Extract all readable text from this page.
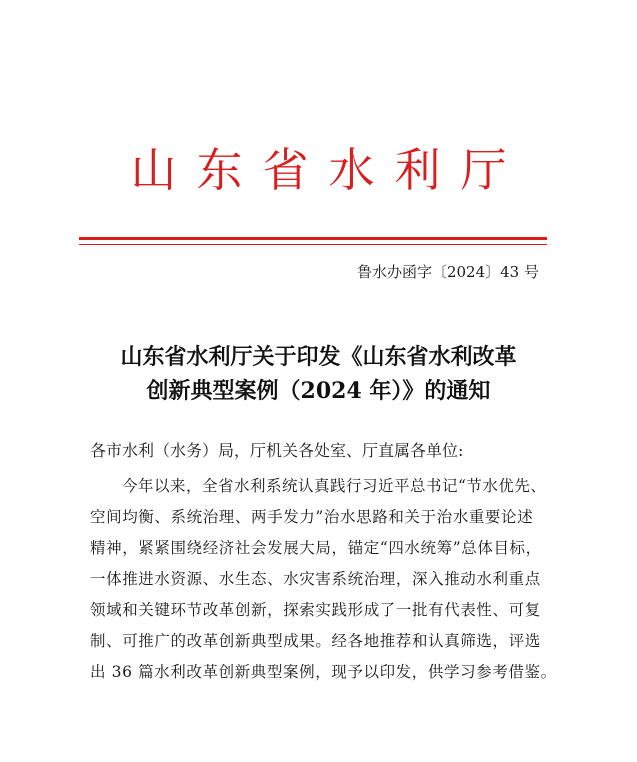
山东省水利厅
鲁水办函字〔2024〕43 号
山东省水利厅关于印发《山东省水利改革
创新典型案例（2024 年）》的通知
各市水利（水务）局，厅机关各处室、厅直属各单位:
今年以来，全省水利系统认真践行习近平总书记“节水优先、
空间均衡、系统治理、两手发力”治水思路和关于治水重要论述
精神，紧紧围绕经济社会发展大局，锚定“四水统筹”总体目标，
一体推进水资源、水生态、水灾害系统治理，深入推动水利重点
领域和关键环节改革创新，探索实践形成了一批有代表性、可复
制、可推广的改革创新典型成果。经各地推荐和认真筛选，评选
出 36 篇水利改革创新典型案例，现予以印发，供学习参考借鉴。
